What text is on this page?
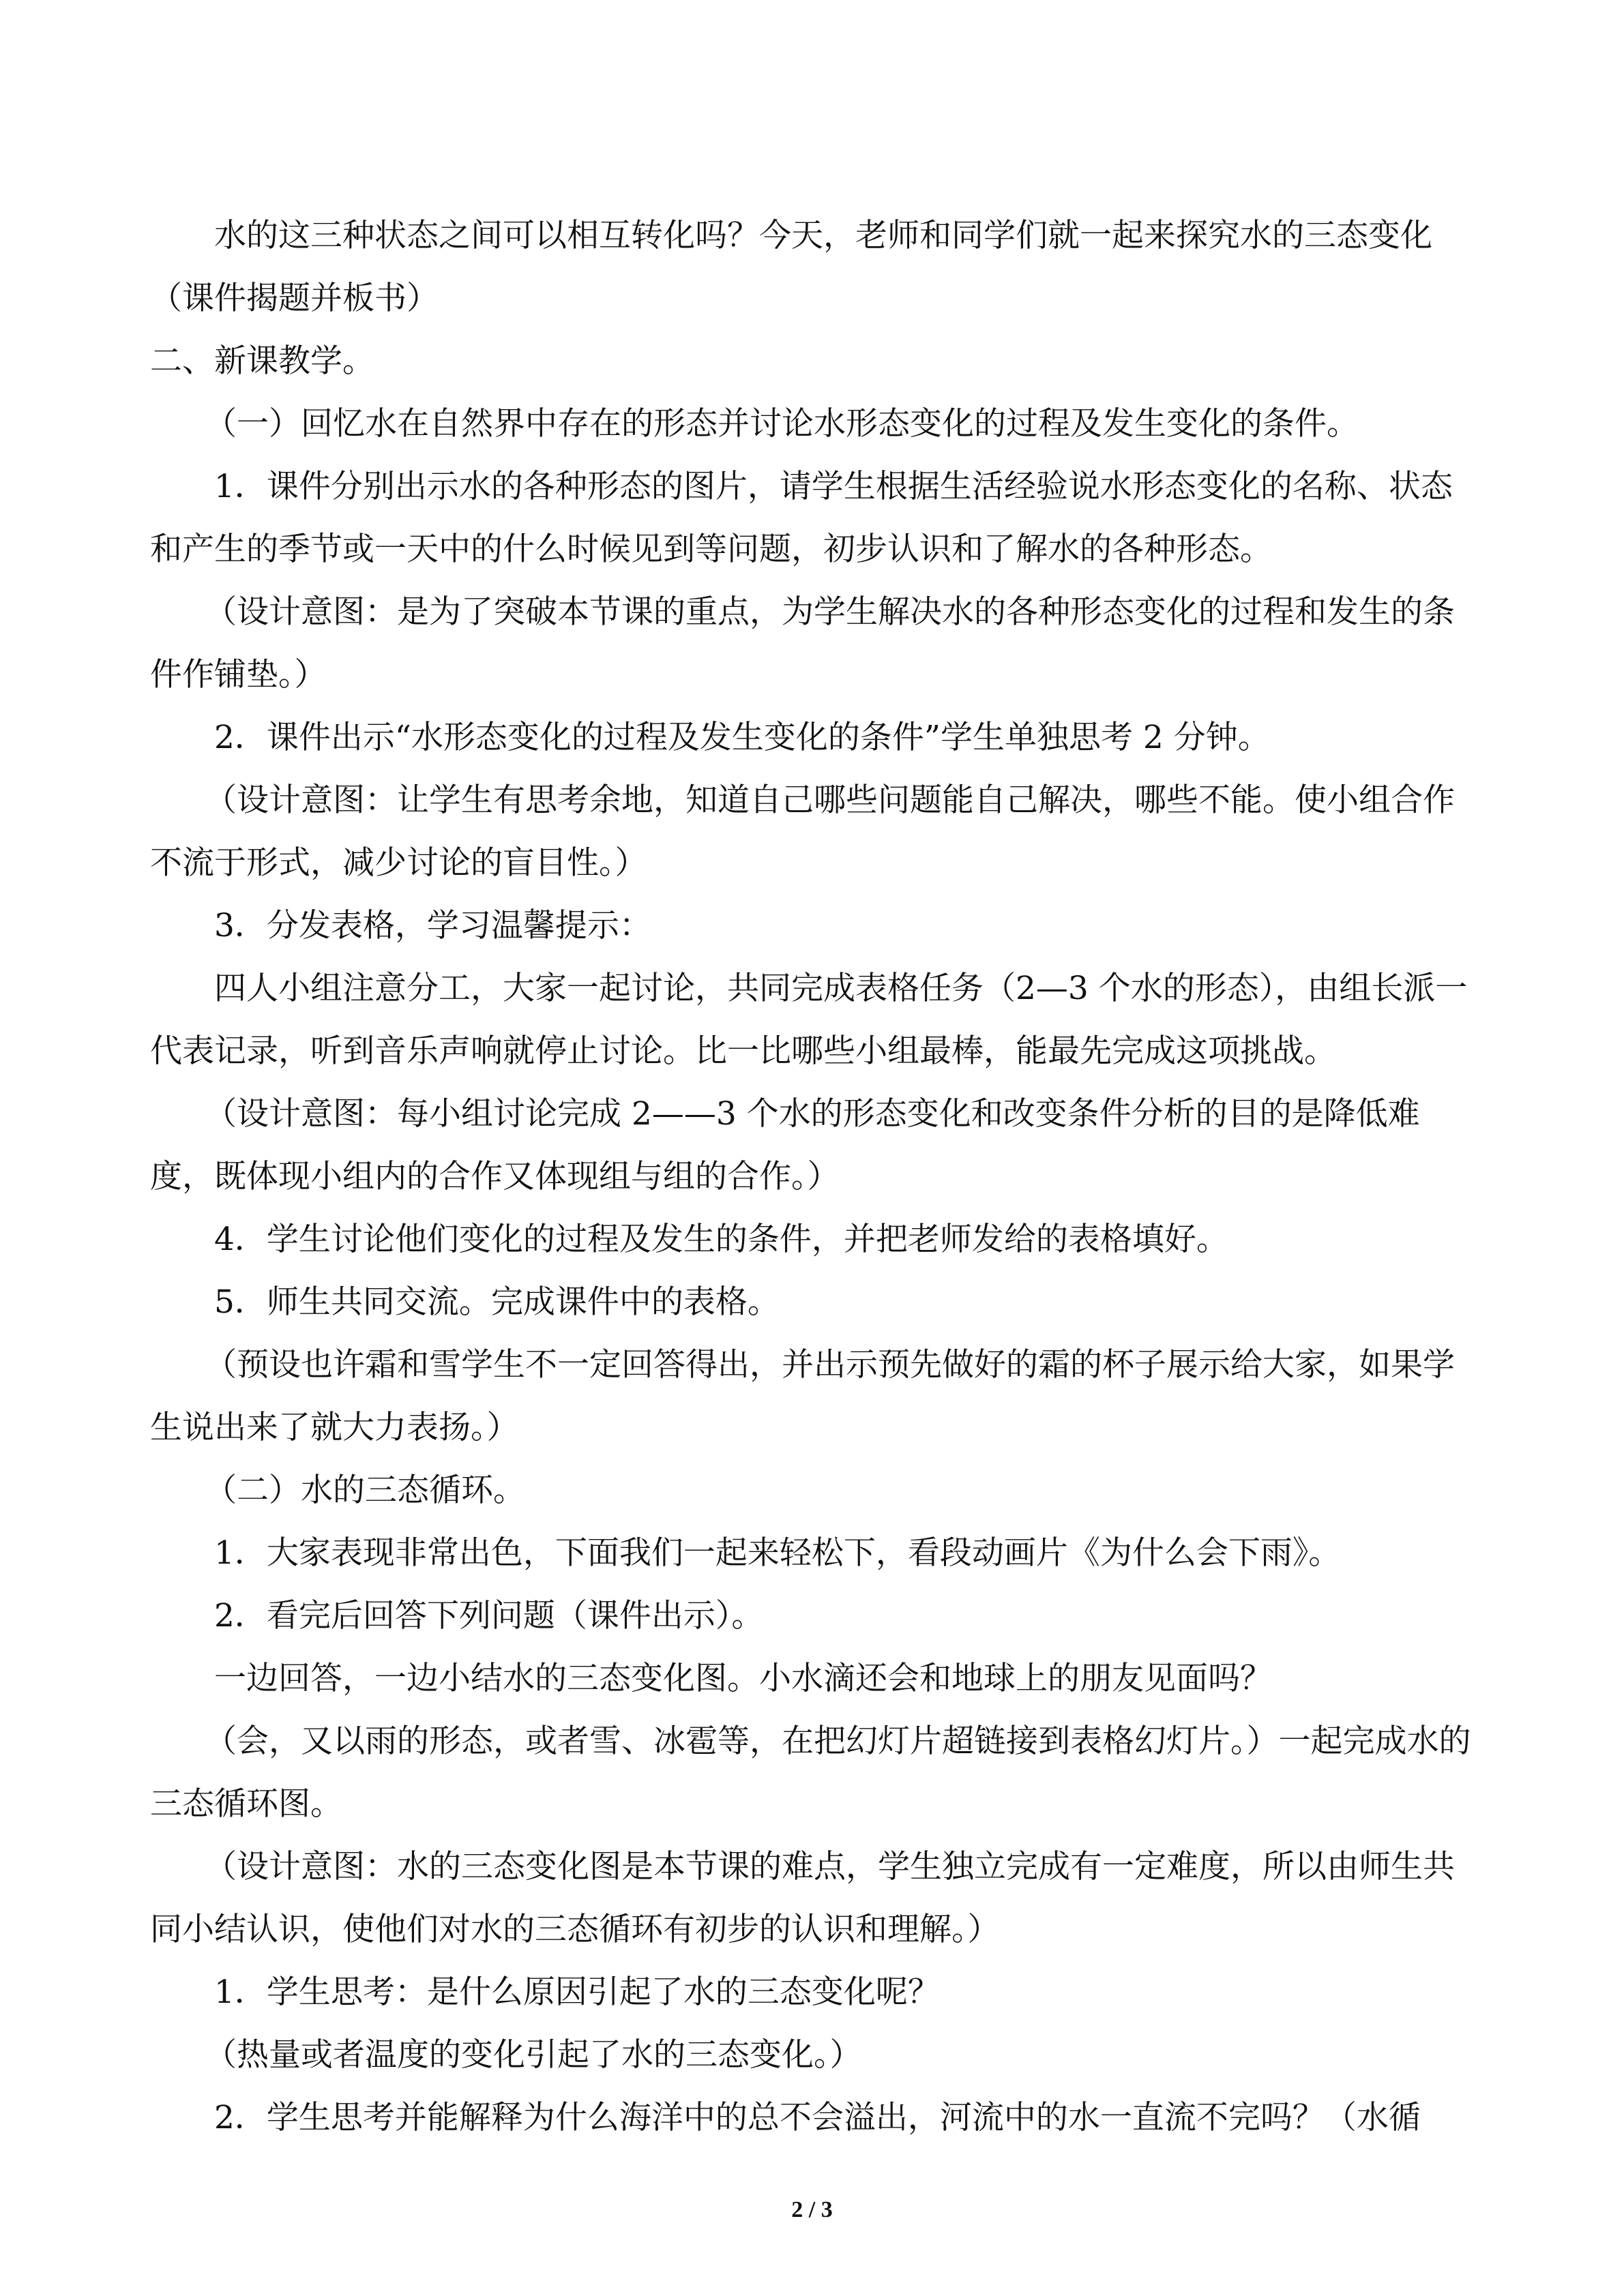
水的这三种状态之间可以相互转化吗？今天，老师和同学们就一起来探究水的三态变化（课件揭题并板书）

二、新课教学。

（一）回忆水在自然界中存在的形态并讨论水形态变化的过程及发生变化的条件。

1．课件分别出示水的各种形态的图片，请学生根据生活经验说水形态变化的名称、状态和产生的季节或一天中的什么时候见到等问题，初步认识和了解水的各种形态。

（设计意图：是为了突破本节课的重点，为学生解决水的各种形态变化的过程和发生的条件作铺垫。）

2．课件出示“水形态变化的过程及发生变化的条件”学生单独思考 2 分钟。

（设计意图：让学生有思考余地，知道自己哪些问题能自己解决，哪些不能。使小组合作不流于形式，减少讨论的盲目性。）

3．分发表格，学习温馨提示：

四人小组注意分工，大家一起讨论，共同完成表格任务（2—3 个水的形态），由组长派一代表记录，听到音乐声响就停止讨论。比一比哪些小组最棒，能最先完成这项挑战。

（设计意图：每小组讨论完成 2——3 个水的形态变化和改变条件分析的目的是降低难度，既体现小组内的合作又体现组与组的合作。）

4．学生讨论他们变化的过程及发生的条件，并把老师发给的表格填好。

5．师生共同交流。完成课件中的表格。

（预设也许霜和雪学生不一定回答得出，并出示预先做好的霜的杯子展示给大家，如果学生说出来了就大力表扬。）

（二）水的三态循环。

1．大家表现非常出色，下面我们一起来轻松下，看段动画片《为什么会下雨》。

2．看完后回答下列问题（课件出示）。

一边回答，一边小结水的三态变化图。小水滴还会和地球上的朋友见面吗？

（会，又以雨的形态，或者雪、冰雹等，在把幻灯片超链接到表格幻灯片。）一起完成水的三态循环图。

（设计意图：水的三态变化图是本节课的难点，学生独立完成有一定难度，所以由师生共同小结认识，使他们对水的三态循环有初步的认识和理解。）

1．学生思考：是什么原因引起了水的三态变化呢？

（热量或者温度的变化引起了水的三态变化。）

2．学生思考并能解释为什么海洋中的总不会溢出，河流中的水一直流不完吗？（水循

2 / 3
